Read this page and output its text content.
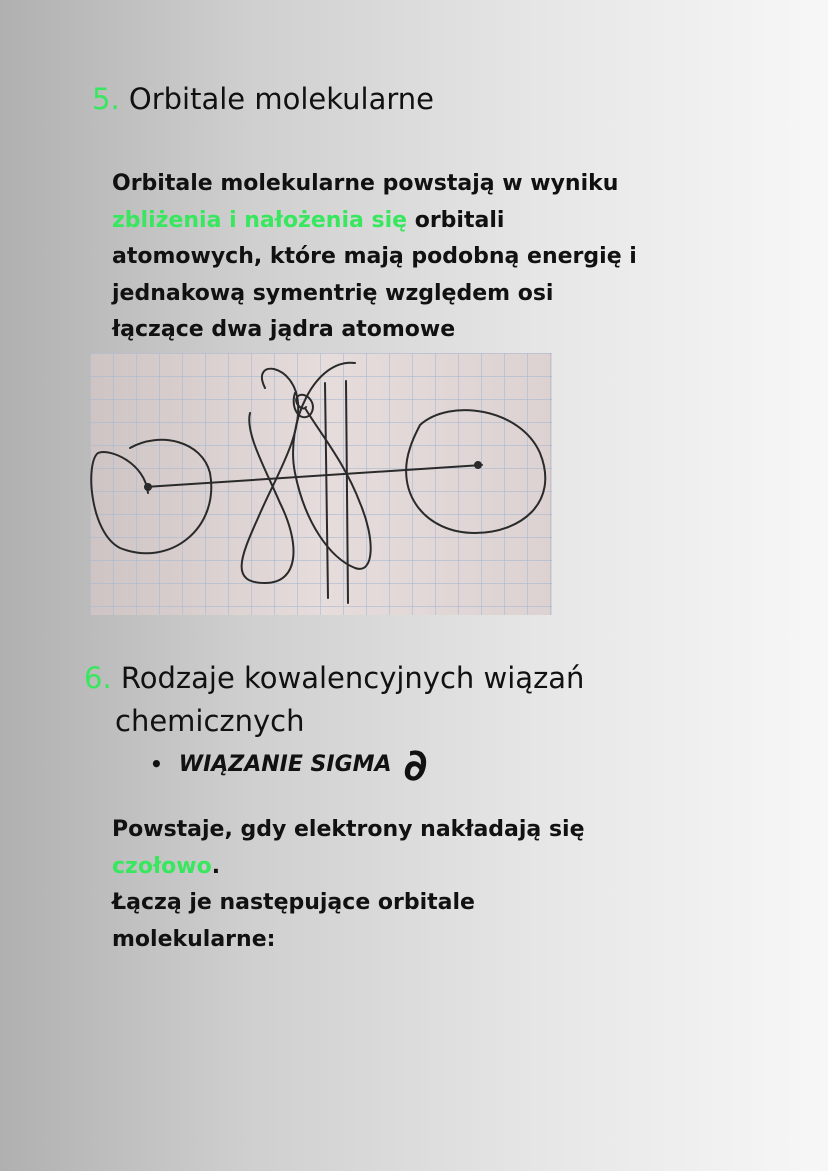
5. Orbitale molekularne
Orbitale molekularne powstają w wyniku
zbliżenia i nałożenia się orbitali
atomowych, które mają podobną energię i
jednakową symentrię względem osi
łączące dwa jądra atomowe
6. Rodzaje kowalencyjnych wiązań
chemicznych
• WIĄZANIE SIGMA ∂
Powstaje, gdy elektrony nakładają się
czołowo.
Łączą je następujące orbitale
molekularne:
